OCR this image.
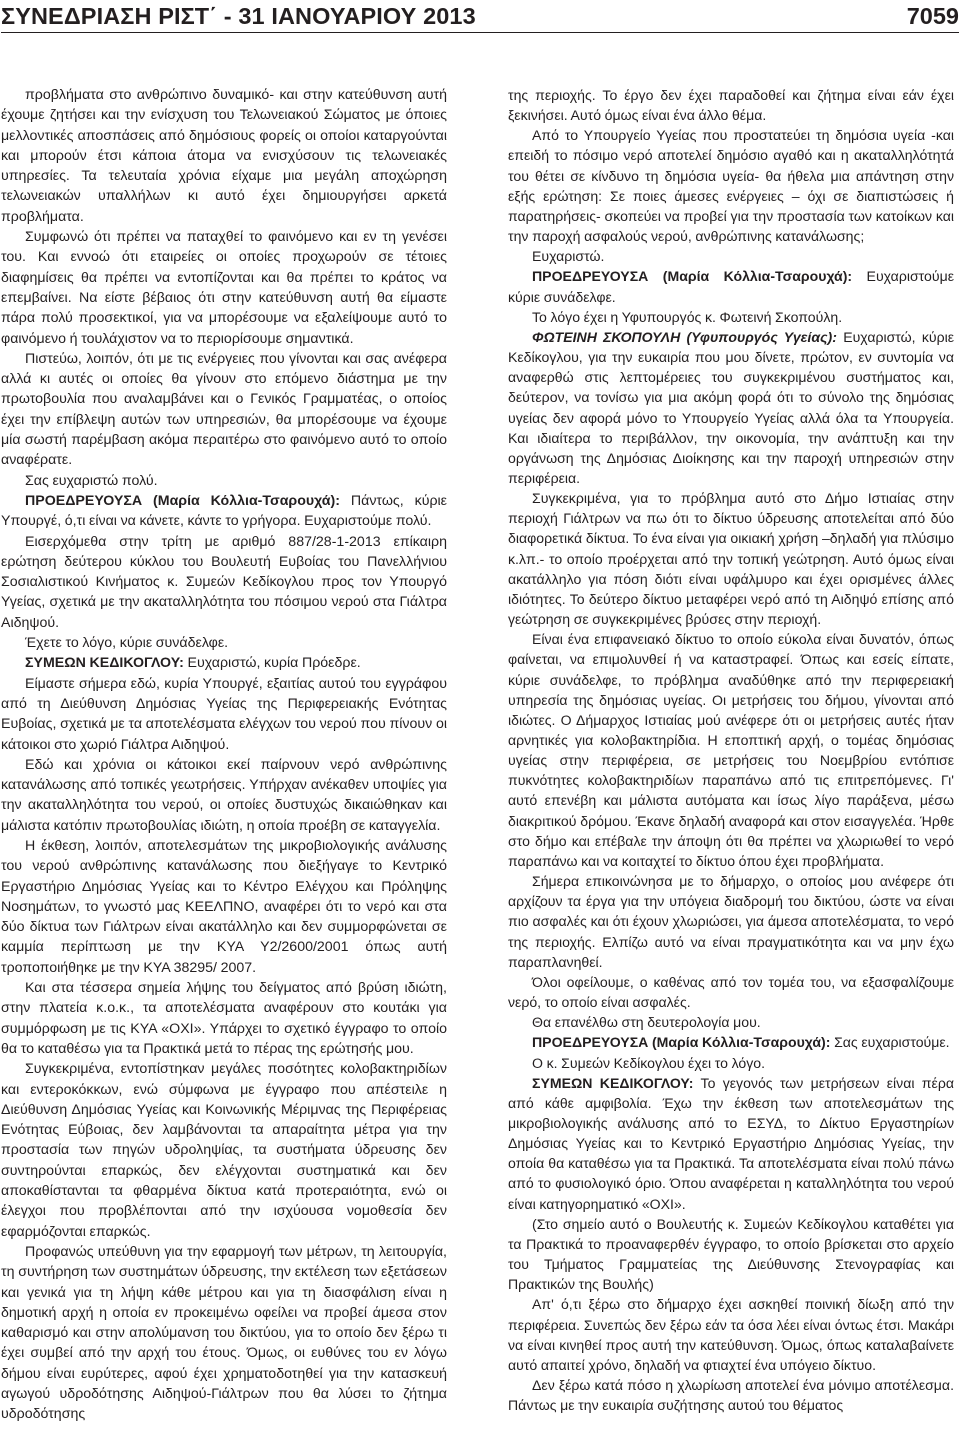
ΣΥΝΕΔΡΙΑΣΗ ΡΙΣΤ΄ - 31 ΙΑΝΟΥΑΡΙΟΥ 2013	7059

προβλήματα στο ανθρώπινο δυναμικό- και στην κατεύθυνση αυτή έχουμε ζητήσει και την ενίσχυση του Τελωνειακού Σώματος με όποιες μελλοντικές αποσπάσεις από δημόσιους φορείς οι οποίοι καταργούνται και μπορούν έτσι κάποια άτομα να ενισχύσουν τις τελωνειακές υπηρεσίες. Τα τελευταία χρόνια είχαμε μια μεγάλη αποχώρηση τελωνειακών υπαλλήλων κι αυτό έχει δημιουργήσει αρκετά προβλήματα.

Συμφωνώ ότι πρέπει να παταχθεί το φαινόμενο και εν τη γενέσει του. Και εννοώ ότι εταιρείες οι οποίες προχωρούν σε τέτοιες διαφημίσεις θα πρέπει να εντοπίζονται και θα πρέπει το κράτος να επεμβαίνει. Να είστε βέβαιος ότι στην κατεύθυνση αυτή θα είμαστε πάρα πολύ προσεκτικοί, για να μπορέσουμε να εξαλείψουμε αυτό το φαινόμενο ή τουλάχιστον να το περιορίσουμε σημαντικά.

Πιστεύω, λοιπόν, ότι με τις ενέργειες που γίνονται και σας ανέφερα αλλά κι αυτές οι οποίες θα γίνουν στο επόμενο διάστημα με την πρωτοβουλία που αναλαμβάνει και ο Γενικός Γραμματέας, ο οποίος έχει την επίβλεψη αυτών των υπηρεσιών, θα μπορέσουμε να έχουμε μία σωστή παρέμβαση ακόμα περαιτέρω στο φαινόμενο αυτό το οποίο αναφέρατε.

Σας ευχαριστώ πολύ.

ΠΡΟΕΔΡΕΥΟΥΣΑ (Μαρία Κόλλια-Τσαρουχά): Πάντως, κύριε Υπουργέ, ό,τι είναι να κάνετε, κάντε το γρήγορα. Ευχαριστούμε πολύ.

Εισερχόμεθα στην τρίτη με αριθμό 887/28-1-2013 επίκαιρη ερώτηση δεύτερου κύκλου του Βουλευτή Ευβοίας του Πανελλήνιου Σοσιαλιστικού Κινήματος κ. Συμεών Κεδίκογλου προς τον Υπουργό Υγείας, σχετικά με την ακαταλληλότητα του πόσιμου νερού στα Γιάλτρα Αιδηψού.

Έχετε το λόγο, κύριε συνάδελφε.

ΣΥΜΕΩΝ ΚΕΔΙΚΟΓΛΟΥ: Ευχαριστώ, κυρία Πρόεδρε.

Είμαστε σήμερα εδώ, κυρία Υπουργέ, εξαιτίας αυτού του εγγράφου από τη Διεύθυνση Δημόσιας Υγείας της Περιφερειακής Ενότητας Ευβοίας, σχετικά με τα αποτελέσματα ελέγχων του νερού που πίνουν οι κάτοικοι στο χωριό Γιάλτρα Αιδηψού.

Εδώ και χρόνια οι κάτοικοι εκεί παίρνουν νερό ανθρώπινης κατανάλωσης από τοπικές γεωτρήσεις. Υπήρχαν ανέκαθεν υποψίες για την ακαταλληλότητα του νερού, οι οποίες δυστυχώς δικαιώθηκαν και μάλιστα κατόπιν πρωτοβουλίας ιδιώτη, η οποία προέβη σε καταγγελία.

Η έκθεση, λοιπόν, αποτελεσμάτων της μικροβιολογικής ανάλυσης του νερού ανθρώπινης κατανάλωσης που διεξήγαγε το Κεντρικό Εργαστήριο Δημόσιας Υγείας και το Κέντρο Ελέγχου και Πρόληψης Νοσημάτων, το γνωστό μας ΚΕΕΛΠΝΟ, αναφέρει ότι το νερό και στα δύο δίκτυα των Γιάλτρων είναι ακατάλληλο και δεν συμμορφώνεται σε καμμία περίπτωση με την ΚΥΑ Υ2/2600/2001 όπως αυτή τροποποιήθηκε με την ΚΥΑ 38295/ 2007.

Και στα τέσσερα σημεία λήψης του δείγματος από βρύση ιδιώτη, στην πλατεία κ.ο.κ., τα αποτελέσματα αναφέρουν στο κουτάκι για συμμόρφωση με τις ΚΥΑ «ΟΧΙ». Υπάρχει το σχετικό έγγραφο το οποίο θα το καταθέσω για τα Πρακτικά μετά το πέρας της ερώτησής μου.

Συγκεκριμένα, εντοπίστηκαν μεγάλες ποσότητες κολοβακτηριδίων και εντεροκόκκων, ενώ σύμφωνα με έγγραφο που απέστειλε η Διεύθυνση Δημόσιας Υγείας και Κοινωνικής Μέριμνας της Περιφέρειας Ενότητας Εύβοιας, δεν λαμβάνονται τα απαραίτητα μέτρα για την προστασία των πηγών υδροληψίας, τα συστήματα ύδρευσης δεν συντηρούνται επαρκώς, δεν ελέγχονται συστηματικά και δεν αποκαθίστανται τα φθαρμένα δίκτυα κατά προτεραιότητα, ενώ οι έλεγχοι που προβλέπονται από την ισχύουσα νομοθεσία δεν εφαρμόζονται επαρκώς.

Προφανώς υπεύθυνη για την εφαρμογή των μέτρων, τη λειτουργία, τη συντήρηση των συστημάτων ύδρευσης, την εκτέλεση των εξετάσεων και γενικά για τη λήψη κάθε μέτρου και για τη διασφάλιση είναι η δημοτική αρχή η οποία εν προκειμένω οφείλει να προβεί άμεσα στον καθαρισμό και στην απολύμανση του δικτύου, για το οποίο δεν ξέρω τι έχει συμβεί από την αρχή του έτους. Όμως, οι ευθύνες του εν λόγω δήμου είναι ευρύτερες, αφού έχει χρηματοδοτηθεί για την κατασκευή αγωγού υδροδότησης Αιδηψού-Γιάλτρων που θα λύσει το ζήτημα υδροδότησης

της περιοχής. Το έργο δεν έχει παραδοθεί και ζήτημα είναι εάν έχει ξεκινήσει. Αυτό όμως είναι ένα άλλο θέμα.

Από το Υπουργείο Υγείας που προστατεύει τη δημόσια υγεία -και επειδή το πόσιμο νερό αποτελεί δημόσιο αγαθό και η ακαταλληλότητά του θέτει σε κίνδυνο τη δημόσια υγεία- θα ήθελα μια απάντηση στην εξής ερώτηση: Σε ποιες άμεσες ενέργειες – όχι σε διαπιστώσεις ή παρατηρήσεις- σκοπεύει να προβεί για την προστασία των κατοίκων και την παροχή ασφαλούς νερού, ανθρώπινης κατανάλωσης;

Ευχαριστώ.

ΠΡΟΕΔΡΕΥΟΥΣΑ (Μαρία Κόλλια-Τσαρουχά): Ευχαριστούμε κύριε συνάδελφε.

Το λόγο έχει η Υφυπουργός κ. Φωτεινή Σκοπούλη.

ΦΩΤΕΙΝΗ ΣΚΟΠΟΥΛΗ (Υφυπουργός Υγείας): Ευχαριστώ, κύριε Κεδίκογλου, για την ευκαιρία που μου δίνετε, πρώτον, εν συντομία να αναφερθώ στις λεπτομέρειες του συγκεκριμένου συστήματος και, δεύτερον, να τονίσω για μια ακόμη φορά ότι το σύνολο της δημόσιας υγείας δεν αφορά μόνο το Υπουργείο Υγείας αλλά όλα τα Υπουργεία. Και ιδιαίτερα το περιβάλλον, την οικονομία, την ανάπτυξη και την οργάνωση της Δημόσιας Διοίκησης και την παροχή υπηρεσιών στην περιφέρεια.

Συγκεκριμένα, για το πρόβλημα αυτό στο Δήμο Ιστιαίας στην περιοχή Γιάλτρων να πω ότι το δίκτυο ύδρευσης αποτελείται από δύο διαφορετικά δίκτυα. Το ένα είναι για οικιακή χρήση –δηλαδή για πλύσιμο κ.λπ.- το οποίο προέρχεται από την τοπική γεώτρηση. Αυτό όμως είναι ακατάλληλο για πόση διότι είναι υφάλμυρο και έχει ορισμένες άλλες ιδιότητες. Το δεύτερο δίκτυο μεταφέρει νερό από τη Αιδηψό επίσης από γεώτρηση σε συγκεκριμένες βρύσες στην περιοχή.

Είναι ένα επιφανειακό δίκτυο το οποίο εύκολα είναι δυνατόν, όπως φαίνεται, να επιμολυνθεί ή να καταστραφεί. Όπως και εσείς είπατε, κύριε συνάδελφε, το πρόβλημα αναδύθηκε από την περιφερειακή υπηρεσία της δημόσιας υγείας. Οι μετρήσεις του δήμου, γίνονται από ιδιώτες. Ο Δήμαρχος Ιστιαίας μού ανέφερε ότι οι μετρήσεις αυτές ήταν αρνητικές για κολοβακτηρίδια. Η εποπτική αρχή, ο τομέας δημόσιας υγείας στην περιφέρεια, σε μετρήσεις του Νοεμβρίου εντόπισε πυκνότητες κολοβακτηριδίων παραπάνω από τις επιτρεπόμενες. Γι' αυτό επενέβη και μάλιστα αυτόματα και ίσως λίγο παράξενα, μέσω διακριτικού δρόμου. Έκανε δηλαδή αναφορά και στον εισαγγελέα. Ήρθε στο δήμο και επέβαλε την άποψη ότι θα πρέπει να χλωριωθεί το νερό παραπάνω και να κοιταχτεί το δίκτυο όπου έχει προβλήματα.

Σήμερα επικοινώνησα με το δήμαρχο, ο οποίος μου ανέφερε ότι αρχίζουν τα έργα για την υπόγεια διαδρομή του δικτύου, ώστε να είναι πιο ασφαλές και ότι έχουν χλωριώσει, για άμεσα αποτελέσματα, το νερό της περιοχής. Ελπίζω αυτό να είναι πραγματικότητα και να μην έχω παραπλανηθεί.

Όλοι οφείλουμε, ο καθένας από τον τομέα του, να εξασφαλίζουμε νερό, το οποίο είναι ασφαλές.

Θα επανέλθω στη δευτερολογία μου.

ΠΡΟΕΔΡΕΥΟΥΣΑ (Μαρία Κόλλια-Τσαρουχά): Σας ευχαριστούμε.

Ο κ. Συμεών Κεδίκογλου έχει το λόγο.

ΣΥΜΕΩΝ ΚΕΔΙΚΟΓΛΟΥ: Το γεγονός των μετρήσεων είναι πέρα από κάθε αμφιβολία. Έχω την έκθεση των αποτελεσμάτων της μικροβιολογικής ανάλυσης από το ΕΣΥΔ, το Δίκτυο Εργαστηρίων Δημόσιας Υγείας και το Κεντρικό Εργαστήριο Δημόσιας Υγείας, την οποία θα καταθέσω για τα Πρακτικά. Τα αποτελέσματα είναι πολύ πάνω από το φυσιολογικό όριο. Όπου αναφέρεται η καταλληλότητα του νερού είναι κατηγορηματικό «ΟΧΙ».

(Στο σημείο αυτό ο Βουλευτής κ. Συμεών Κεδίκογλου καταθέτει για τα Πρακτικά το προαναφερθέν έγγραφο, το οποίο βρίσκεται στο αρχείο του Τμήματος Γραμματείας της Διεύθυνσης Στενογραφίας και Πρακτικών της Βουλής)

Απ' ό,τι ξέρω στο δήμαρχο έχει ασκηθεί ποινική δίωξη από την περιφέρεια. Συνεπώς δεν ξέρω εάν τα όσα λέει είναι όντως έτσι. Μακάρι να είναι κινηθεί προς αυτή την κατεύθυνση. Όμως, όπως καταλαβαίνετε αυτό απαιτεί χρόνο, δηλαδή να φτιαχτεί ένα υπόγειο δίκτυο.

Δεν ξέρω κατά πόσο η χλωρίωση αποτελεί ένα μόνιμο αποτέλεσμα. Πάντως με την ευκαιρία συζήτησης αυτού του θέματος
